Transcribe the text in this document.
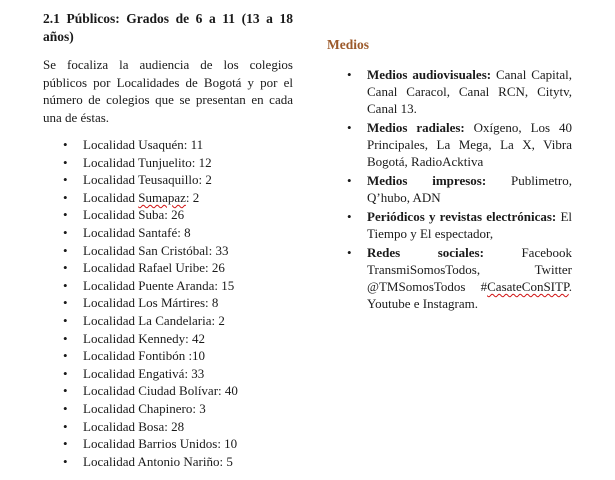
2.1 Públicos: Grados de 6 a 11 (13 a 18 años)
Se focaliza la audiencia de los colegios públicos por Localidades de Bogotá y por el número de colegios que se presentan en cada una de éstas.
• Localidad Usaquén: 11
• Localidad Tunjuelito: 12
• Localidad Teusaquillo: 2
• Localidad Sumapaz: 2
• Localidad Suba: 26
• Localidad Santafé: 8
• Localidad San Cristóbal: 33
• Localidad Rafael Uribe: 26
• Localidad Puente Aranda: 15
• Localidad Los Mártires: 8
• Localidad La Candelaria: 2
• Localidad Kennedy: 42
• Localidad Fontibón :10
• Localidad Engativá: 33
• Localidad Ciudad Bolívar: 40
• Localidad Chapinero: 3
• Localidad Bosa: 28
• Localidad Barrios Unidos: 10
• Localidad Antonio Nariño: 5
Medios
• Medios audiovisuales: Canal Capital, Canal Caracol, Canal RCN, Citytv, Canal 13.
• Medios radiales: Oxígeno, Los 40 Principales, La Mega, La X, Vibra Bogotá, RadioAcktiva
• Medios impresos: Publimetro, Q’hubo, ADN
• Periódicos y revistas electrónicas: El Tiempo y El espectador,
• Redes sociales: Facebook TransmiSomosTodos, Twitter @TMSomosTodos #CasateConSITP. Youtube e Instagram.
